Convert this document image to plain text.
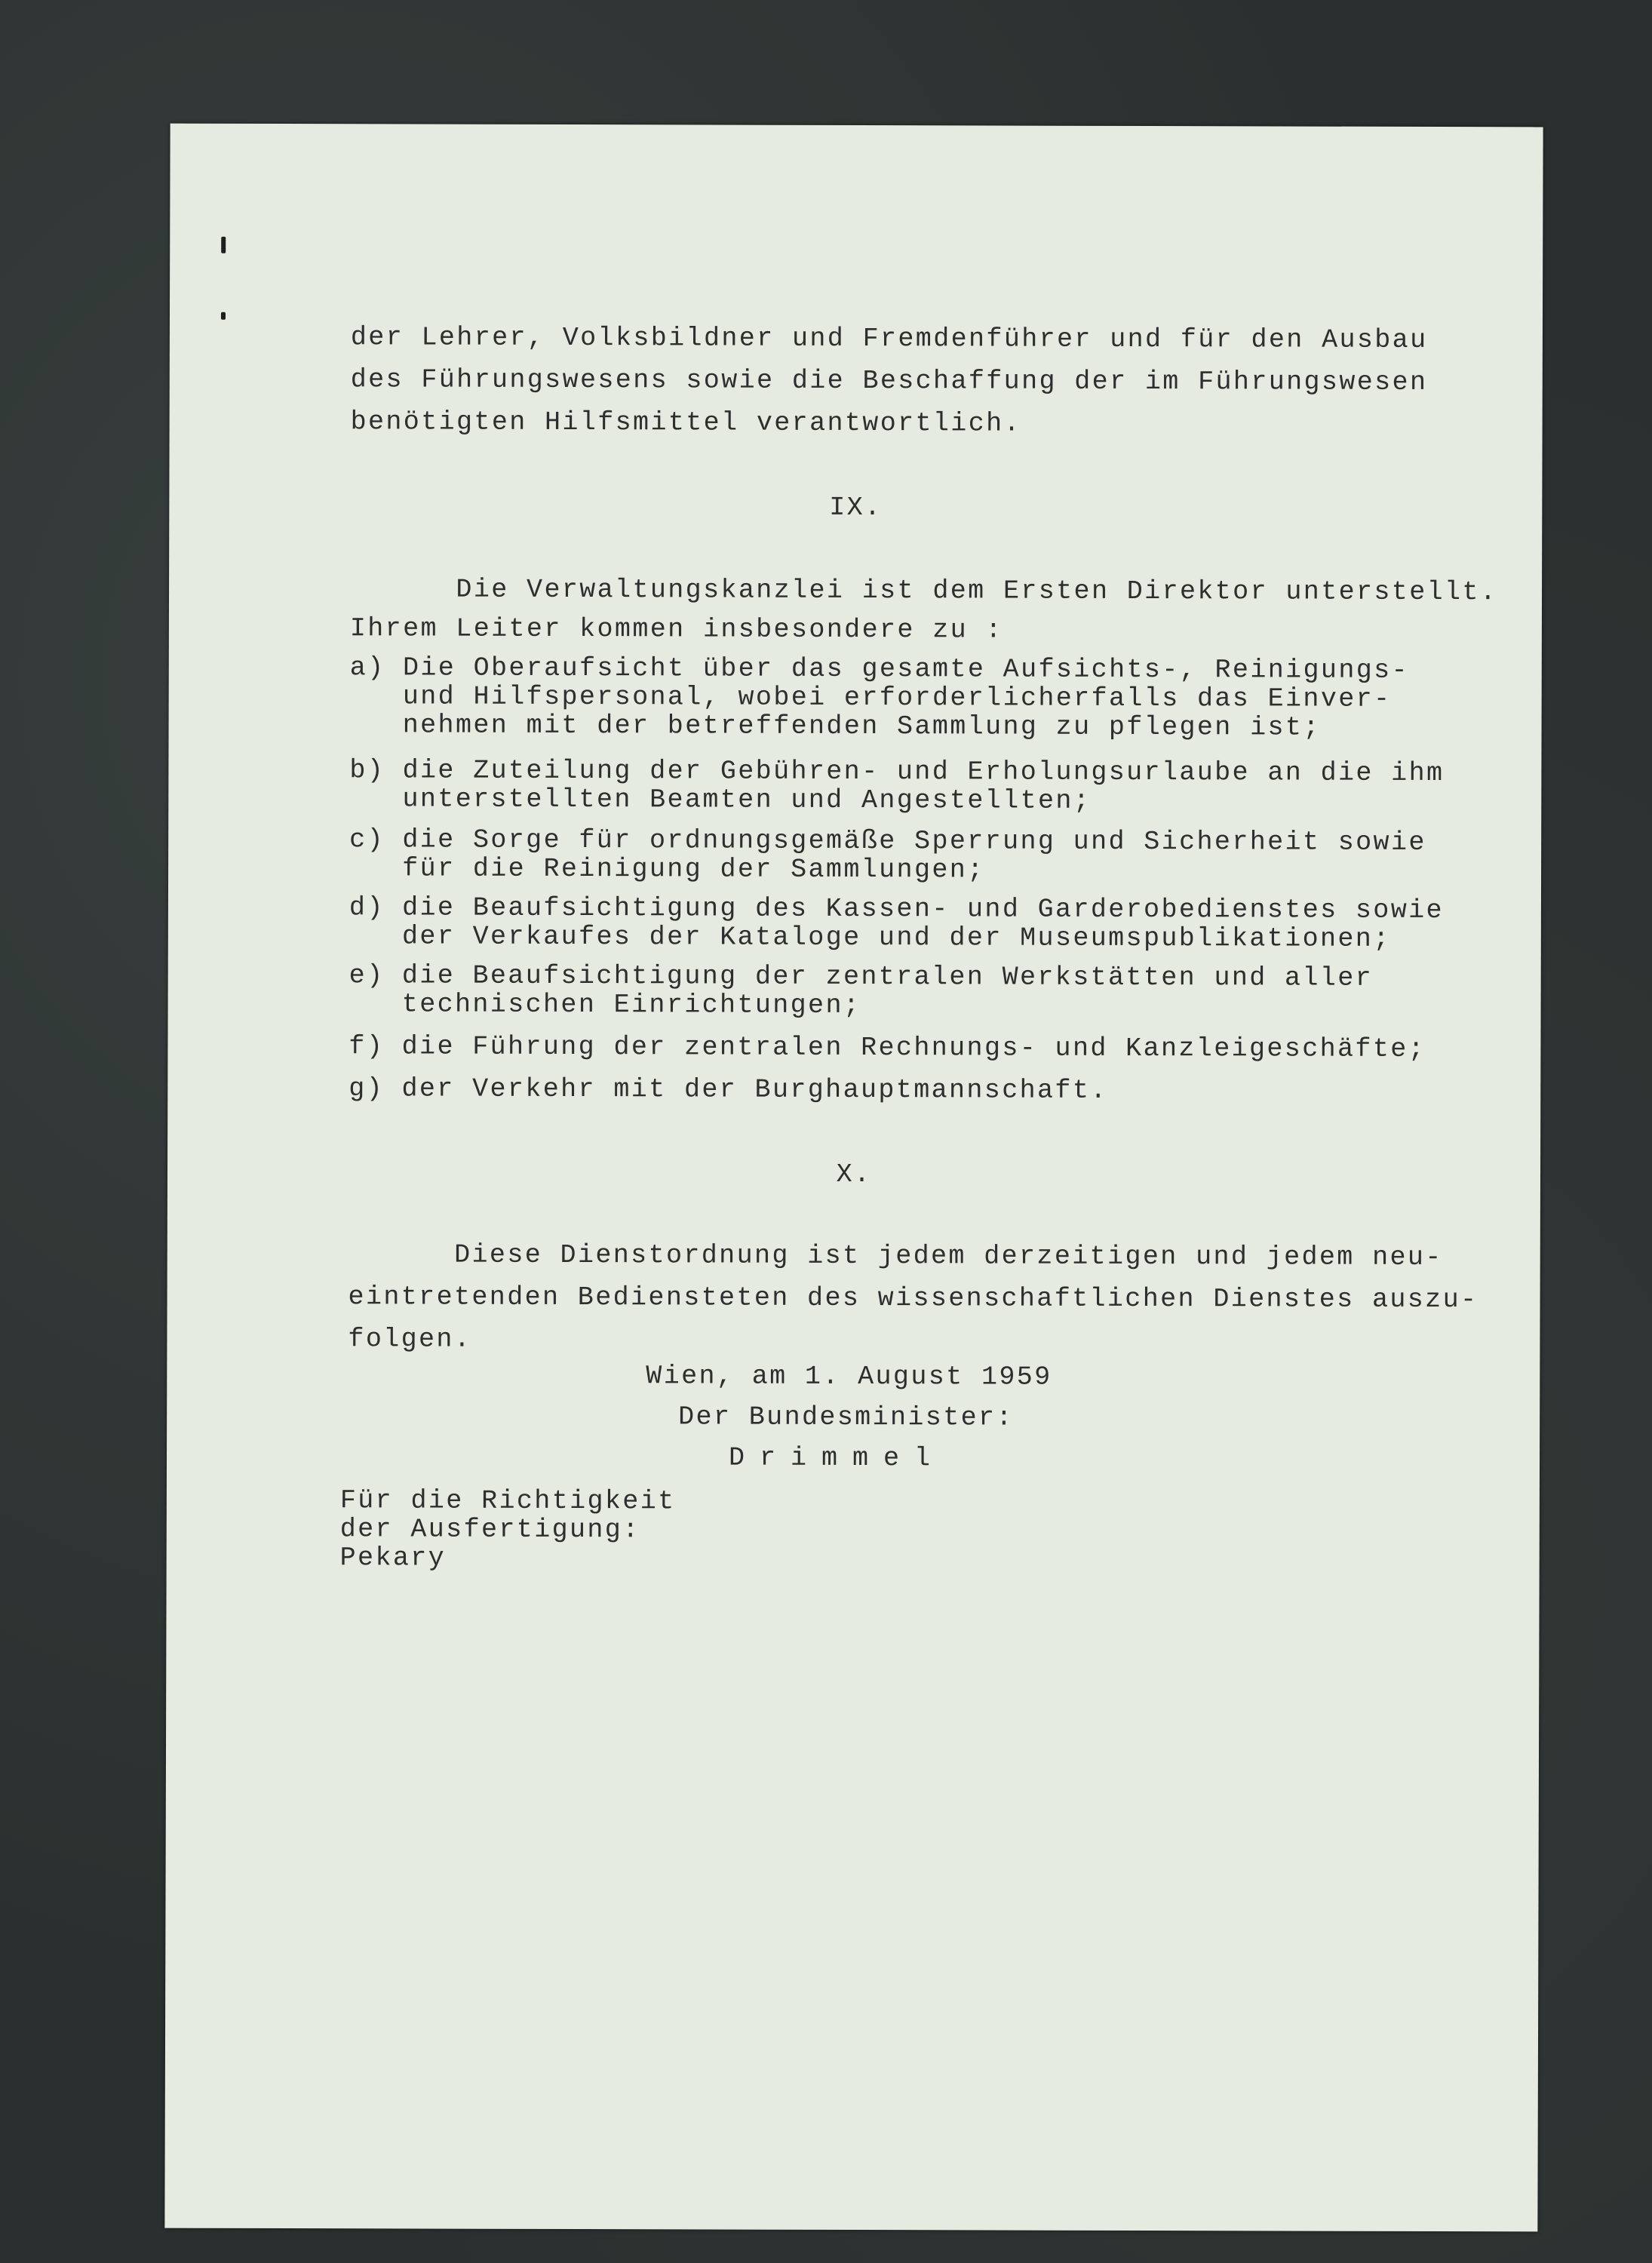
der Lehrer, Volksbildner und Fremdenführer und für den Ausbau

des Führungswesens sowie die Beschaffung der im Führungswesen

benötigten Hilfsmittel verantwortlich.

IX.

Die Verwaltungskanzlei ist dem Ersten Direktor unterstellt.

Ihrem Leiter kommen insbesondere zu :

a) Die Oberaufsicht über das gesamte Aufsichts-, Reinigungs-

und Hilfspersonal, wobei erforderlicherfalls das Einver-

nehmen mit der betreffenden Sammlung zu pflegen ist;

b) die Zuteilung der Gebühren- und Erholungsurlaube an die ihm

unterstellten Beamten und Angestellten;

c) die Sorge für ordnungsgemäße Sperrung und Sicherheit sowie

für die Reinigung der Sammlungen;

d) die Beaufsichtigung des Kassen- und Garderobedienstes sowie

der Verkaufes der Kataloge und der Museumspublikationen;

e) die Beaufsichtigung der zentralen Werkstätten und aller

technischen Einrichtungen;

f) die Führung der zentralen Rechnungs- und Kanzleigeschäfte;

g) der Verkehr mit der Burghauptmannschaft.

X.

Diese Dienstordnung ist jedem derzeitigen und jedem neu-

eintretenden Bediensteten des wissenschaftlichen Dienstes auszu-

folgen.

Wien, am 1. August 1959

Der Bundesminister:

Drimmel

Für die Richtigkeit

der Ausfertigung:

Pekary
